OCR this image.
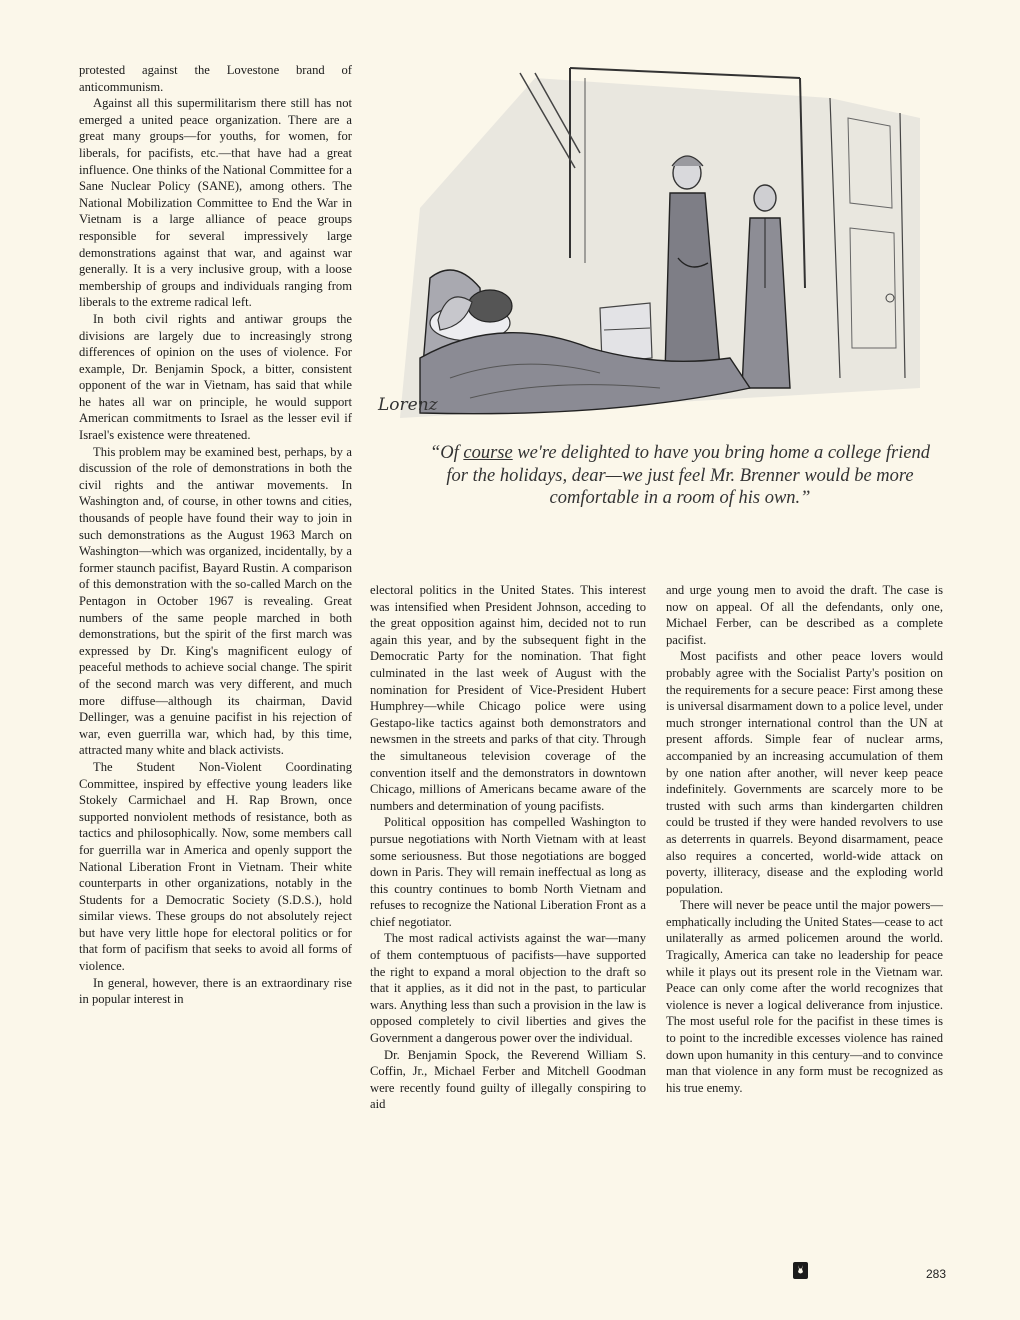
protested against the Lovestone brand of anticommunism.

Against all this supermilitarism there still has not emerged a united peace organization. There are a great many groups—for youths, for women, for liberals, for pacifists, etc.—that have had a great influence. One thinks of the National Committee for a Sane Nuclear Policy (SANE), among others. The National Mobilization Committee to End the War in Vietnam is a large alliance of peace groups responsible for several impressively large demonstrations against that war, and against war generally. It is a very inclusive group, with a loose membership of groups and individuals ranging from liberals to the extreme radical left.

In both civil rights and antiwar groups the divisions are largely due to increasingly strong differences of opinion on the uses of violence. For example, Dr. Benjamin Spock, a bitter, consistent opponent of the war in Vietnam, has said that while he hates all war on principle, he would support American commitments to Israel as the lesser evil if Israel's existence were threatened.

This problem may be examined best, perhaps, by a discussion of the role of demonstrations in both the civil rights and the antiwar movements. In Washington and, of course, in other towns and cities, thousands of people have found their way to join in such demonstrations as the August 1963 March on Washington—which was organized, incidentally, by a former staunch pacifist, Bayard Rustin. A comparison of this demonstration with the so-called March on the Pentagon in October 1967 is revealing. Great numbers of the same people marched in both demonstrations, but the spirit of the first march was expressed by Dr. King's magnificent eulogy of peaceful methods to achieve social change. The spirit of the second march was very different, and much more diffuse—although its chairman, David Dellinger, was a genuine pacifist in his rejection of war, even guerrilla war, which had, by this time, attracted many white and black activists.

The Student Non-Violent Coordinating Committee, inspired by effective young leaders like Stokely Carmichael and H. Rap Brown, once supported nonviolent methods of resistance, both as tactics and philosophically. Now, some members call for guerrilla war in America and openly support the National Liberation Front in Vietnam. Their white counterparts in other organizations, notably in the Students for a Democratic Society (S.D.S.), hold similar views. These groups do not absolutely reject but have very little hope for electoral politics or for that form of pacifism that seeks to avoid all forms of violence.

In general, however, there is an extraordinary rise in popular interest in

Lorenz
“Of course we're delighted to have you bring home a college friend for the holidays, dear—we just feel Mr. Brenner would be more comfortable in a room of his own.”

electoral politics in the United States. This interest was intensified when President Johnson, acceding to the great opposition against him, decided not to run again this year, and by the subsequent fight in the Democratic Party for the nomination. That fight culminated in the last week of August with the nomination for President of Vice-President Hubert Humphrey—while Chicago police were using Gestapo-like tactics against both demonstrators and newsmen in the streets and parks of that city. Through the simultaneous television coverage of the convention itself and the demonstrators in downtown Chicago, millions of Americans became aware of the numbers and determination of young pacifists.

Political opposition has compelled Washington to pursue negotiations with North Vietnam with at least some seriousness. But those negotiations are bogged down in Paris. They will remain ineffectual as long as this country continues to bomb North Vietnam and refuses to recognize the National Liberation Front as a chief negotiator.

The most radical activists against the war—many of them contemptuous of pacifists—have supported the right to expand a moral objection to the draft so that it applies, as it did not in the past, to particular wars. Anything less than such a provision in the law is opposed completely to civil liberties and gives the Government a dangerous power over the individual.

Dr. Benjamin Spock, the Reverend William S. Coffin, Jr., Michael Ferber and Mitchell Goodman were recently found guilty of illegally conspiring to aid

and urge young men to avoid the draft. The case is now on appeal. Of all the defendants, only one, Michael Ferber, can be described as a complete pacifist.

Most pacifists and other peace lovers would probably agree with the Socialist Party's position on the requirements for a secure peace: First among these is universal disarmament down to a police level, under much stronger international control than the UN at present affords. Simple fear of nuclear arms, accompanied by an increasing accumulation of them by one nation after another, will never keep peace indefinitely. Governments are scarcely more to be trusted with such arms than kindergarten children could be trusted if they were handed revolvers to use as deterrents in quarrels. Beyond disarmament, peace also requires a concerted, world-wide attack on poverty, illiteracy, disease and the exploding world population.

There will never be peace until the major powers—emphatically including the United States—cease to act unilaterally as armed policemen around the world. Tragically, America can take no leadership for peace while it plays out its present role in the Vietnam war. Peace can only come after the world recognizes that violence is never a logical deliverance from injustice. The most useful role for the pacifist in these times is to point to the incredible excesses violence has rained down upon humanity in this century—and to convince man that violence in any form must be recognized as his true enemy.

283
